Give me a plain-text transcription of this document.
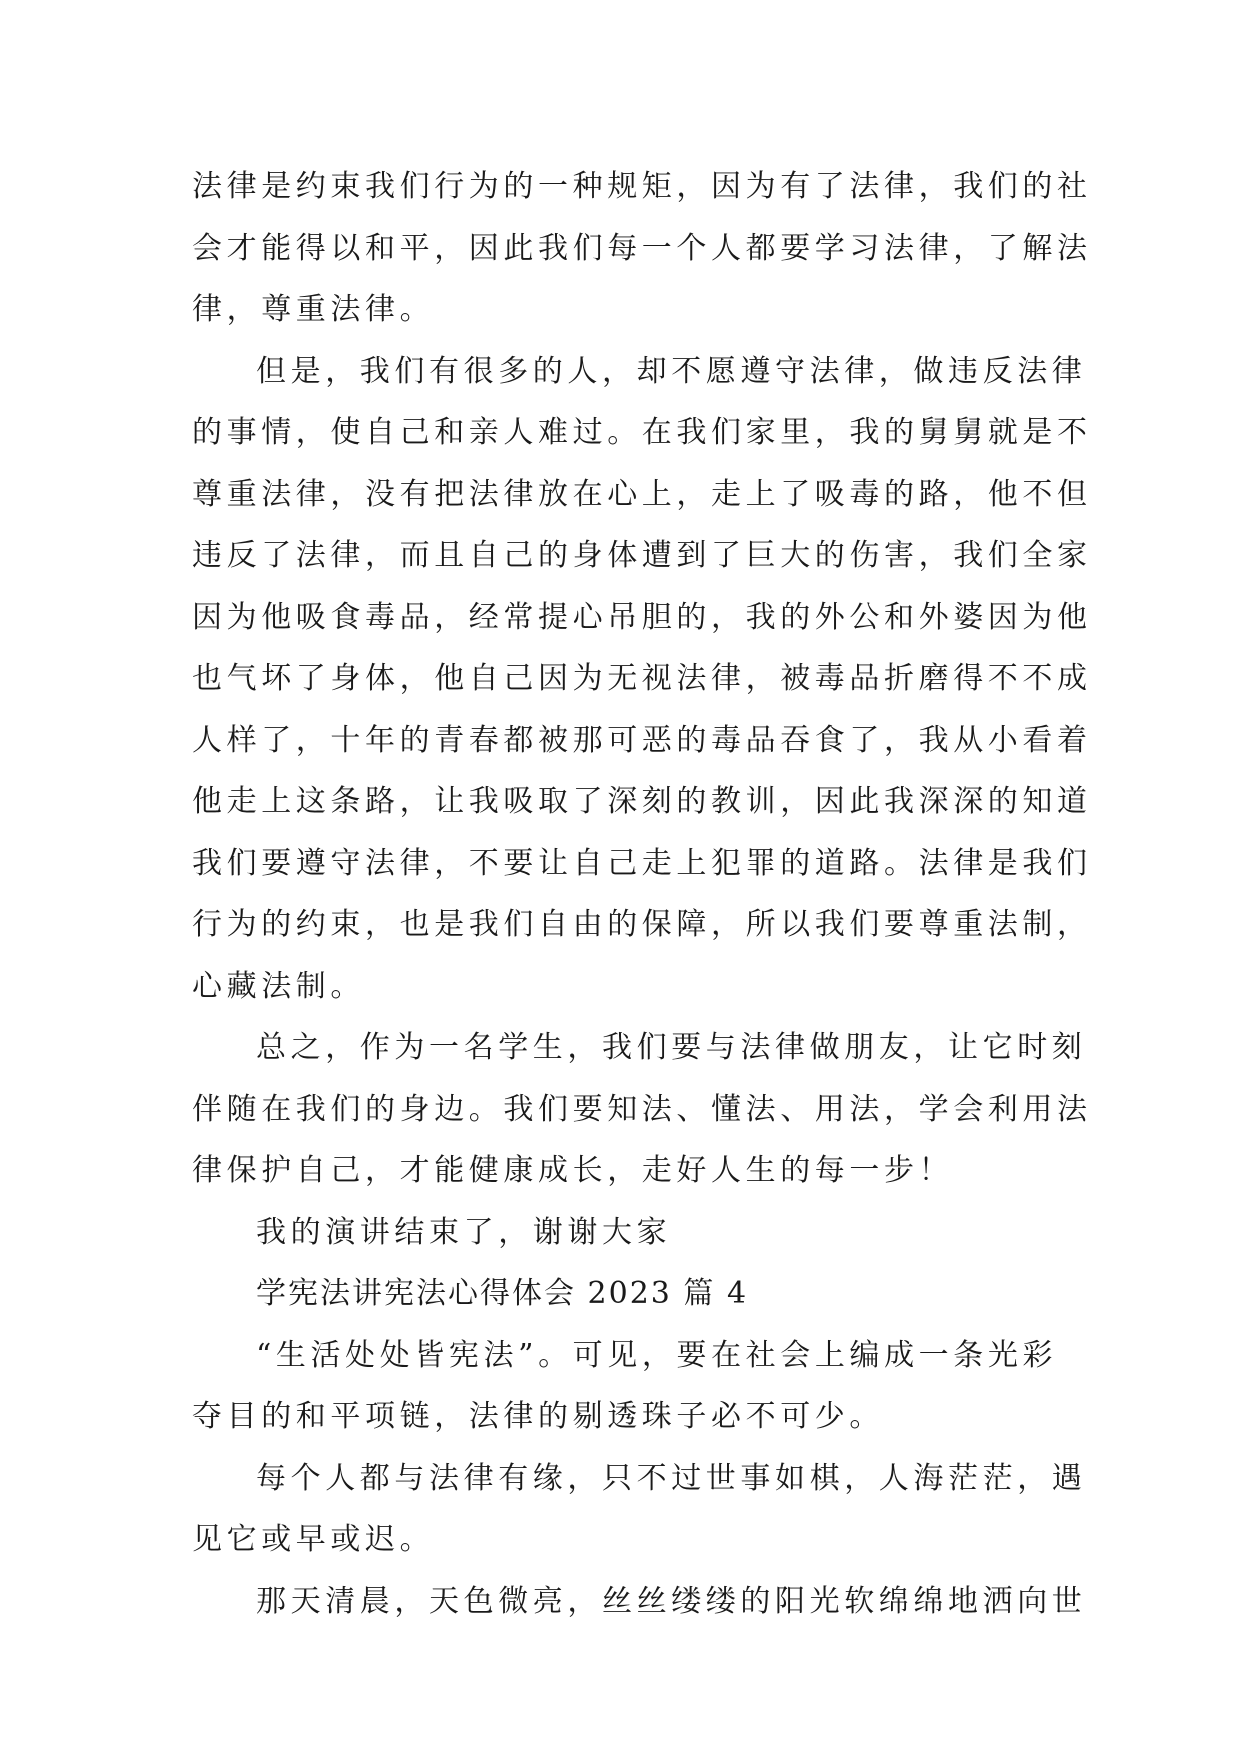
法律是约束我们行为的一种规矩，因为有了法律，我们的社
会才能得以和平，因此我们每一个人都要学习法律，了解法
律，尊重法律。
但是，我们有很多的人，却不愿遵守法律，做违反法律
的事情，使自己和亲人难过。在我们家里，我的舅舅就是不
尊重法律，没有把法律放在心上，走上了吸毒的路，他不但
违反了法律，而且自己的身体遭到了巨大的伤害，我们全家
因为他吸食毒品，经常提心吊胆的，我的外公和外婆因为他
也气坏了身体，他自己因为无视法律，被毒品折磨得不不成
人样了，十年的青春都被那可恶的毒品吞食了，我从小看着
他走上这条路，让我吸取了深刻的教训，因此我深深的知道
我们要遵守法律，不要让自己走上犯罪的道路。法律是我们
行为的约束，也是我们自由的保障，所以我们要尊重法制，
心藏法制。
总之，作为一名学生，我们要与法律做朋友，让它时刻
伴随在我们的身边。我们要知法、懂法、用法，学会利用法
律保护自己，才能健康成长，走好人生的每一步！
我的演讲结束了，谢谢大家
学宪法讲宪法心得体会 2023 篇 4
“生活处处皆宪法”。可见，要在社会上编成一条光彩
夺目的和平项链，法律的剔透珠子必不可少。
每个人都与法律有缘，只不过世事如棋，人海茫茫，遇
见它或早或迟。
那天清晨，天色微亮，丝丝缕缕的阳光软绵绵地洒向世
